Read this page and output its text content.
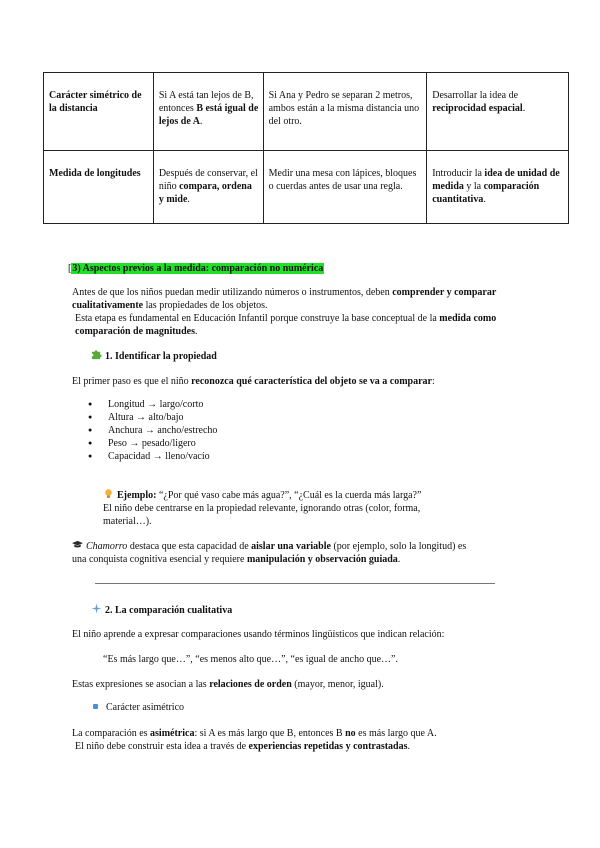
Carácter simétrico de la distancia	Si A está tan lejos de B, entonces B está igual de lejos de A.	Si Ana y Pedro se separan 2 metros, ambos están a la misma distancia uno del otro.	Desarrollar la idea de reciprocidad espacial.
Medida de longitudes	Después de conservar, el niño compara, ordena y mide.	Medir una mesa con lápices, bloques o cuerdas antes de usar una regla.	Introducir la idea de unidad de medida y la comparación cuantitativa.
[3) Aspectos previos a la medida: comparación no numérica
Antes de que los niños puedan medir utilizando números o instrumentos, deben comprender y comparar cualitativamente las propiedades de los objetos.
Esta etapa es fundamental en Educación Infantil porque construye la base conceptual de la medida como comparación de magnitudes.
1. Identificar la propiedad
El primer paso es que el niño reconozca qué característica del objeto se va a comparar:
● Longitud → largo/corto
● Altura → alto/bajo
● Anchura → ancho/estrecho
● Peso → pesado/ligero
● Capacidad → lleno/vacío
Ejemplo: “¿Por qué vaso cabe más agua?”, “¿Cuál es la cuerda más larga?”
El niño debe centrarse en la propiedad relevante, ignorando otras (color, forma,
material…).
Chamorro destaca que esta capacidad de aislar una variable (por ejemplo, solo la longitud) es
una conquista cognitiva esencial y requiere manipulación y observación guiada.
2. La comparación cualitativa
El niño aprende a expresar comparaciones usando términos lingüísticos que indican relación:
“Es más largo que…”, “es menos alto que…”, “es igual de ancho que…”.
Estas expresiones se asocian a las relaciones de orden (mayor, menor, igual).
Carácter asimétrico
La comparación es asimétrica: si A es más largo que B, entonces B no es más largo que A.
El niño debe construir esta idea a través de experiencias repetidas y contrastadas.
